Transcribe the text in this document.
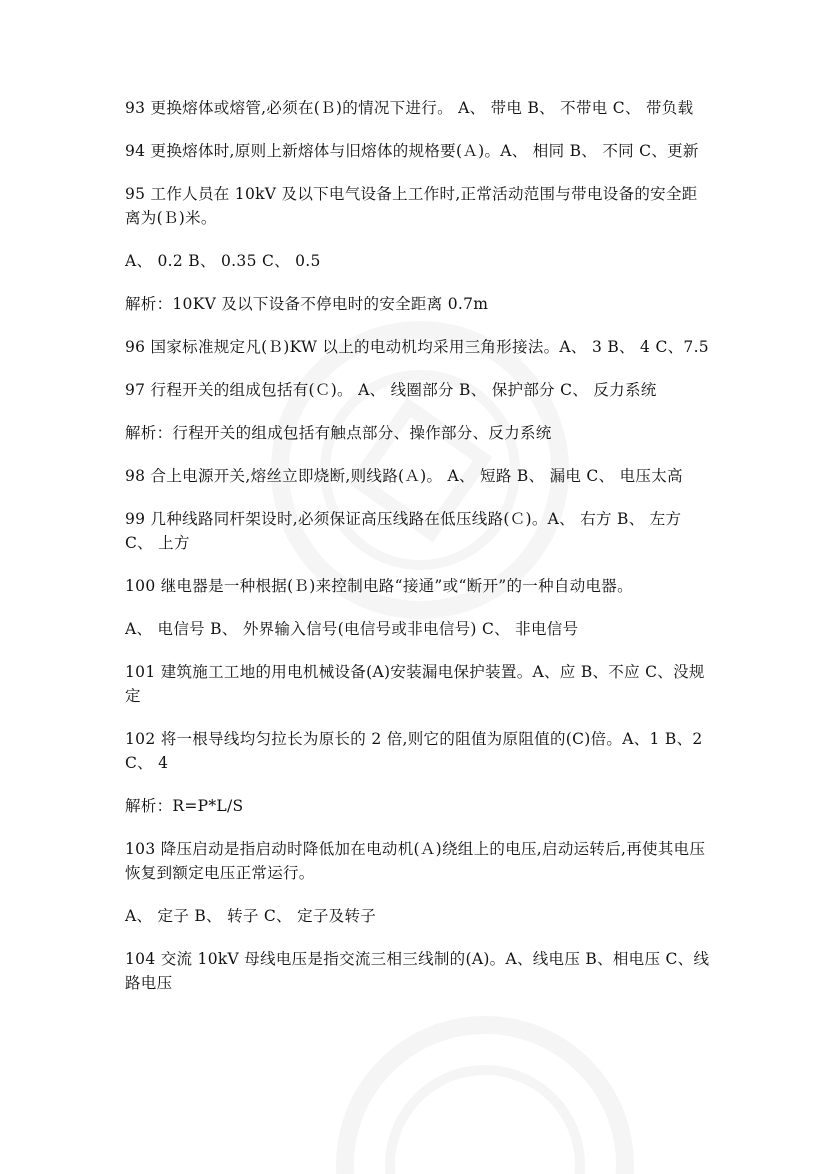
93 更换熔体或熔管,必须在(Ｂ)的情况下进行。 A、 带电 B、 不带电 C、 带负载

94 更换熔体时,原则上新熔体与旧熔体的规格要(Ａ)。A、 相同 B、 不同 C、更新

95 工作人员在 10kV 及以下电气设备上工作时,正常活动范围与带电设备的安全距离为(Ｂ)米。

A、 0.2 B、 0.35 C、 0.5

解析：10KV 及以下设备不停电时的安全距离 0.7m

96 国家标准规定凡(Ｂ)KW 以上的电动机均采用三角形接法。A、 3 B、 4 C、7.5

97 行程开关的组成包括有(Ｃ)。 A、 线圈部分 B、 保护部分 C、 反力系统

解析：行程开关的组成包括有触点部分、操作部分、反力系统

98 合上电源开关,熔丝立即烧断,则线路(Ａ)。 A、 短路 B、 漏电 C、 电压太高

99 几种线路同杆架设时,必须保证高压线路在低压线路(Ｃ)。A、 右方 B、 左方 C、 上方

100 继电器是一种根据(Ｂ)来控制电路“接通”或“断开”的一种自动电器。

A、 电信号 B、 外界输入信号(电信号或非电信号) C、 非电信号

101 建筑施工工地的用电机械设备(A)安装漏电保护装置。A、应 B、不应 C、没规定

102 将一根导线均匀拉长为原长的 2 倍,则它的阻值为原阻值的(C)倍。A、1 B、2 C、 4

解析：R=P*L/S

103 降压启动是指启动时降低加在电动机(Ａ)绕组上的电压,启动运转后,再使其电压恢复到额定电压正常运行。

A、 定子 B、 转子 C、 定子及转子

104 交流 10kV 母线电压是指交流三相三线制的(A)。A、线电压 B、相电压 C、线路电压
